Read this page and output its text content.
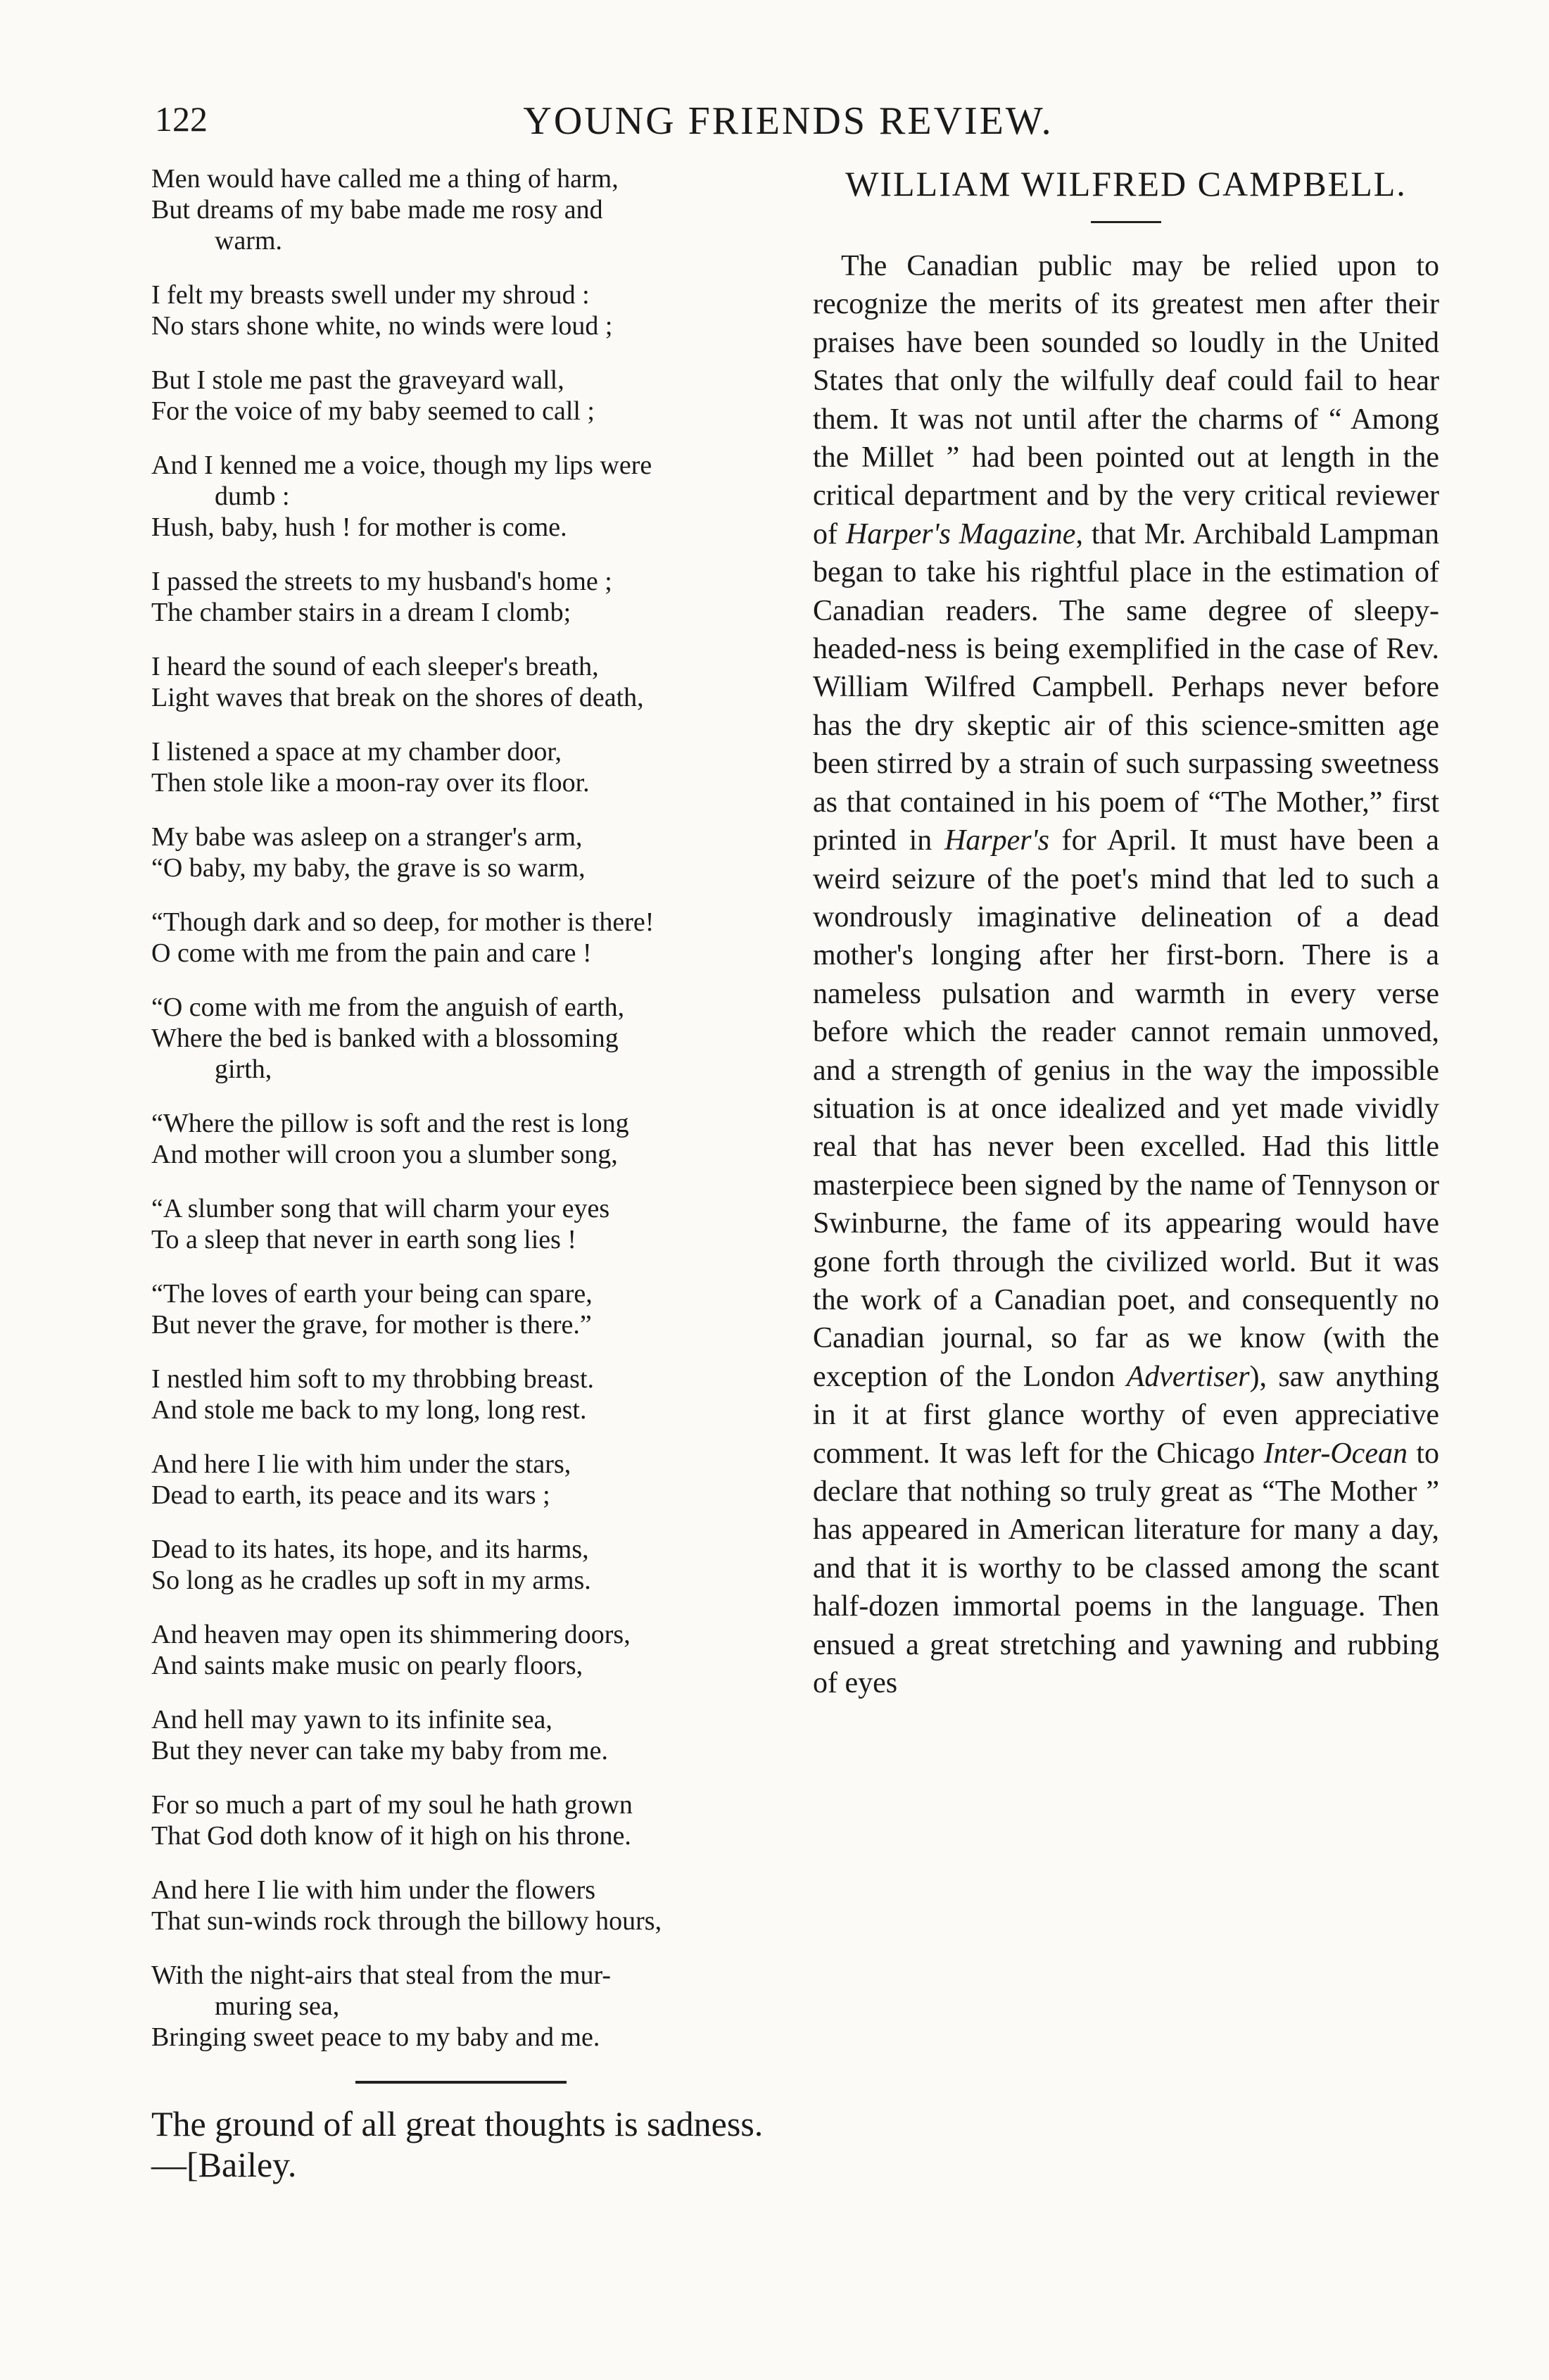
122	YOUNG FRIENDS REVIEW.
Men would have called me a thing of harm,
But dreams of my babe made me rosy and
warm.
I felt my breasts swell under my shroud :
No stars shone white, no winds were loud ;
But I stole me past the graveyard wall,
For the voice of my baby seemed to call ;
And I kenned me a voice, though my lips were
dumb :
Hush, baby, hush ! for mother is come.
I passed the streets to my husband's home ;
The chamber stairs in a dream I clomb;
I heard the sound of each sleeper's breath,
Light waves that break on the shores of death,
I listened a space at my chamber door,
Then stole like a moon-ray over its floor.
My babe was asleep on a stranger's arm,
“O baby, my baby, the grave is so warm,
“Though dark and so deep, for mother is there!
O come with me from the pain and care !
“O come with me from the anguish of earth,
Where the bed is banked with a blossoming
girth,
“Where the pillow is soft and the rest is long
And mother will croon you a slumber song,
“A slumber song that will charm your eyes
To a sleep that never in earth song lies !
“The loves of earth your being can spare,
But never the grave, for mother is there.”
I nestled him soft to my throbbing breast.
And stole me back to my long, long rest.
And here I lie with him under the stars,
Dead to earth, its peace and its wars ;
Dead to its hates, its hope, and its harms,
So long as he cradles up soft in my arms.
And heaven may open its shimmering doors,
And saints make music on pearly floors,
And hell may yawn to its infinite sea,
But they never can take my baby from me.
For so much a part of my soul he hath grown
That God doth know of it high on his throne.
And here I lie with him under the flowers
That sun-winds rock through the billowy hours,
With the night-airs that steal from the mur-
muring sea,
Bringing sweet peace to my baby and me.

The ground of all great thoughts is sadness.—[Bailey.

WILLIAM WILFRED CAMPBELL.

The Canadian public may be relied upon to recognize the merits of its greatest men after their praises have been sounded so loudly in the United States that only the wilfully deaf could fail to hear them. It was not until after the charms of “ Among the Millet ” had been pointed out at length in the critical department and by the very critical reviewer of Harper's Magazine, that Mr. Archibald Lampman began to take his rightful place in the estimation of Canadian readers. The same degree of sleepy-headed-ness is being exemplified in the case of Rev. William Wilfred Campbell. Perhaps never before has the dry skeptic air of this science-smitten age been stirred by a strain of such surpassing sweetness as that contained in his poem of “The Mother,” first printed in Harper's for April. It must have been a weird seizure of the poet's mind that led to such a wondrously imaginative delineation of a dead mother's longing after her first-born. There is a nameless pulsation and warmth in every verse before which the reader cannot remain unmoved, and a strength of genius in the way the impossible situation is at once idealized and yet made vividly real that has never been excelled. Had this little masterpiece been signed by the name of Tennyson or Swinburne, the fame of its appearing would have gone forth through the civilized world. But it was the work of a Canadian poet, and consequently no Canadian journal, so far as we know (with the exception of the London Advertiser), saw anything in it at first glance worthy of even appreciative comment. It was left for the Chicago Inter-Ocean to declare that nothing so truly great as “The Mother ” has appeared in American literature for many a day, and that it is worthy to be classed among the scant half-dozen immortal poems in the language. Then ensued a great stretching and yawning and rubbing of eyes
